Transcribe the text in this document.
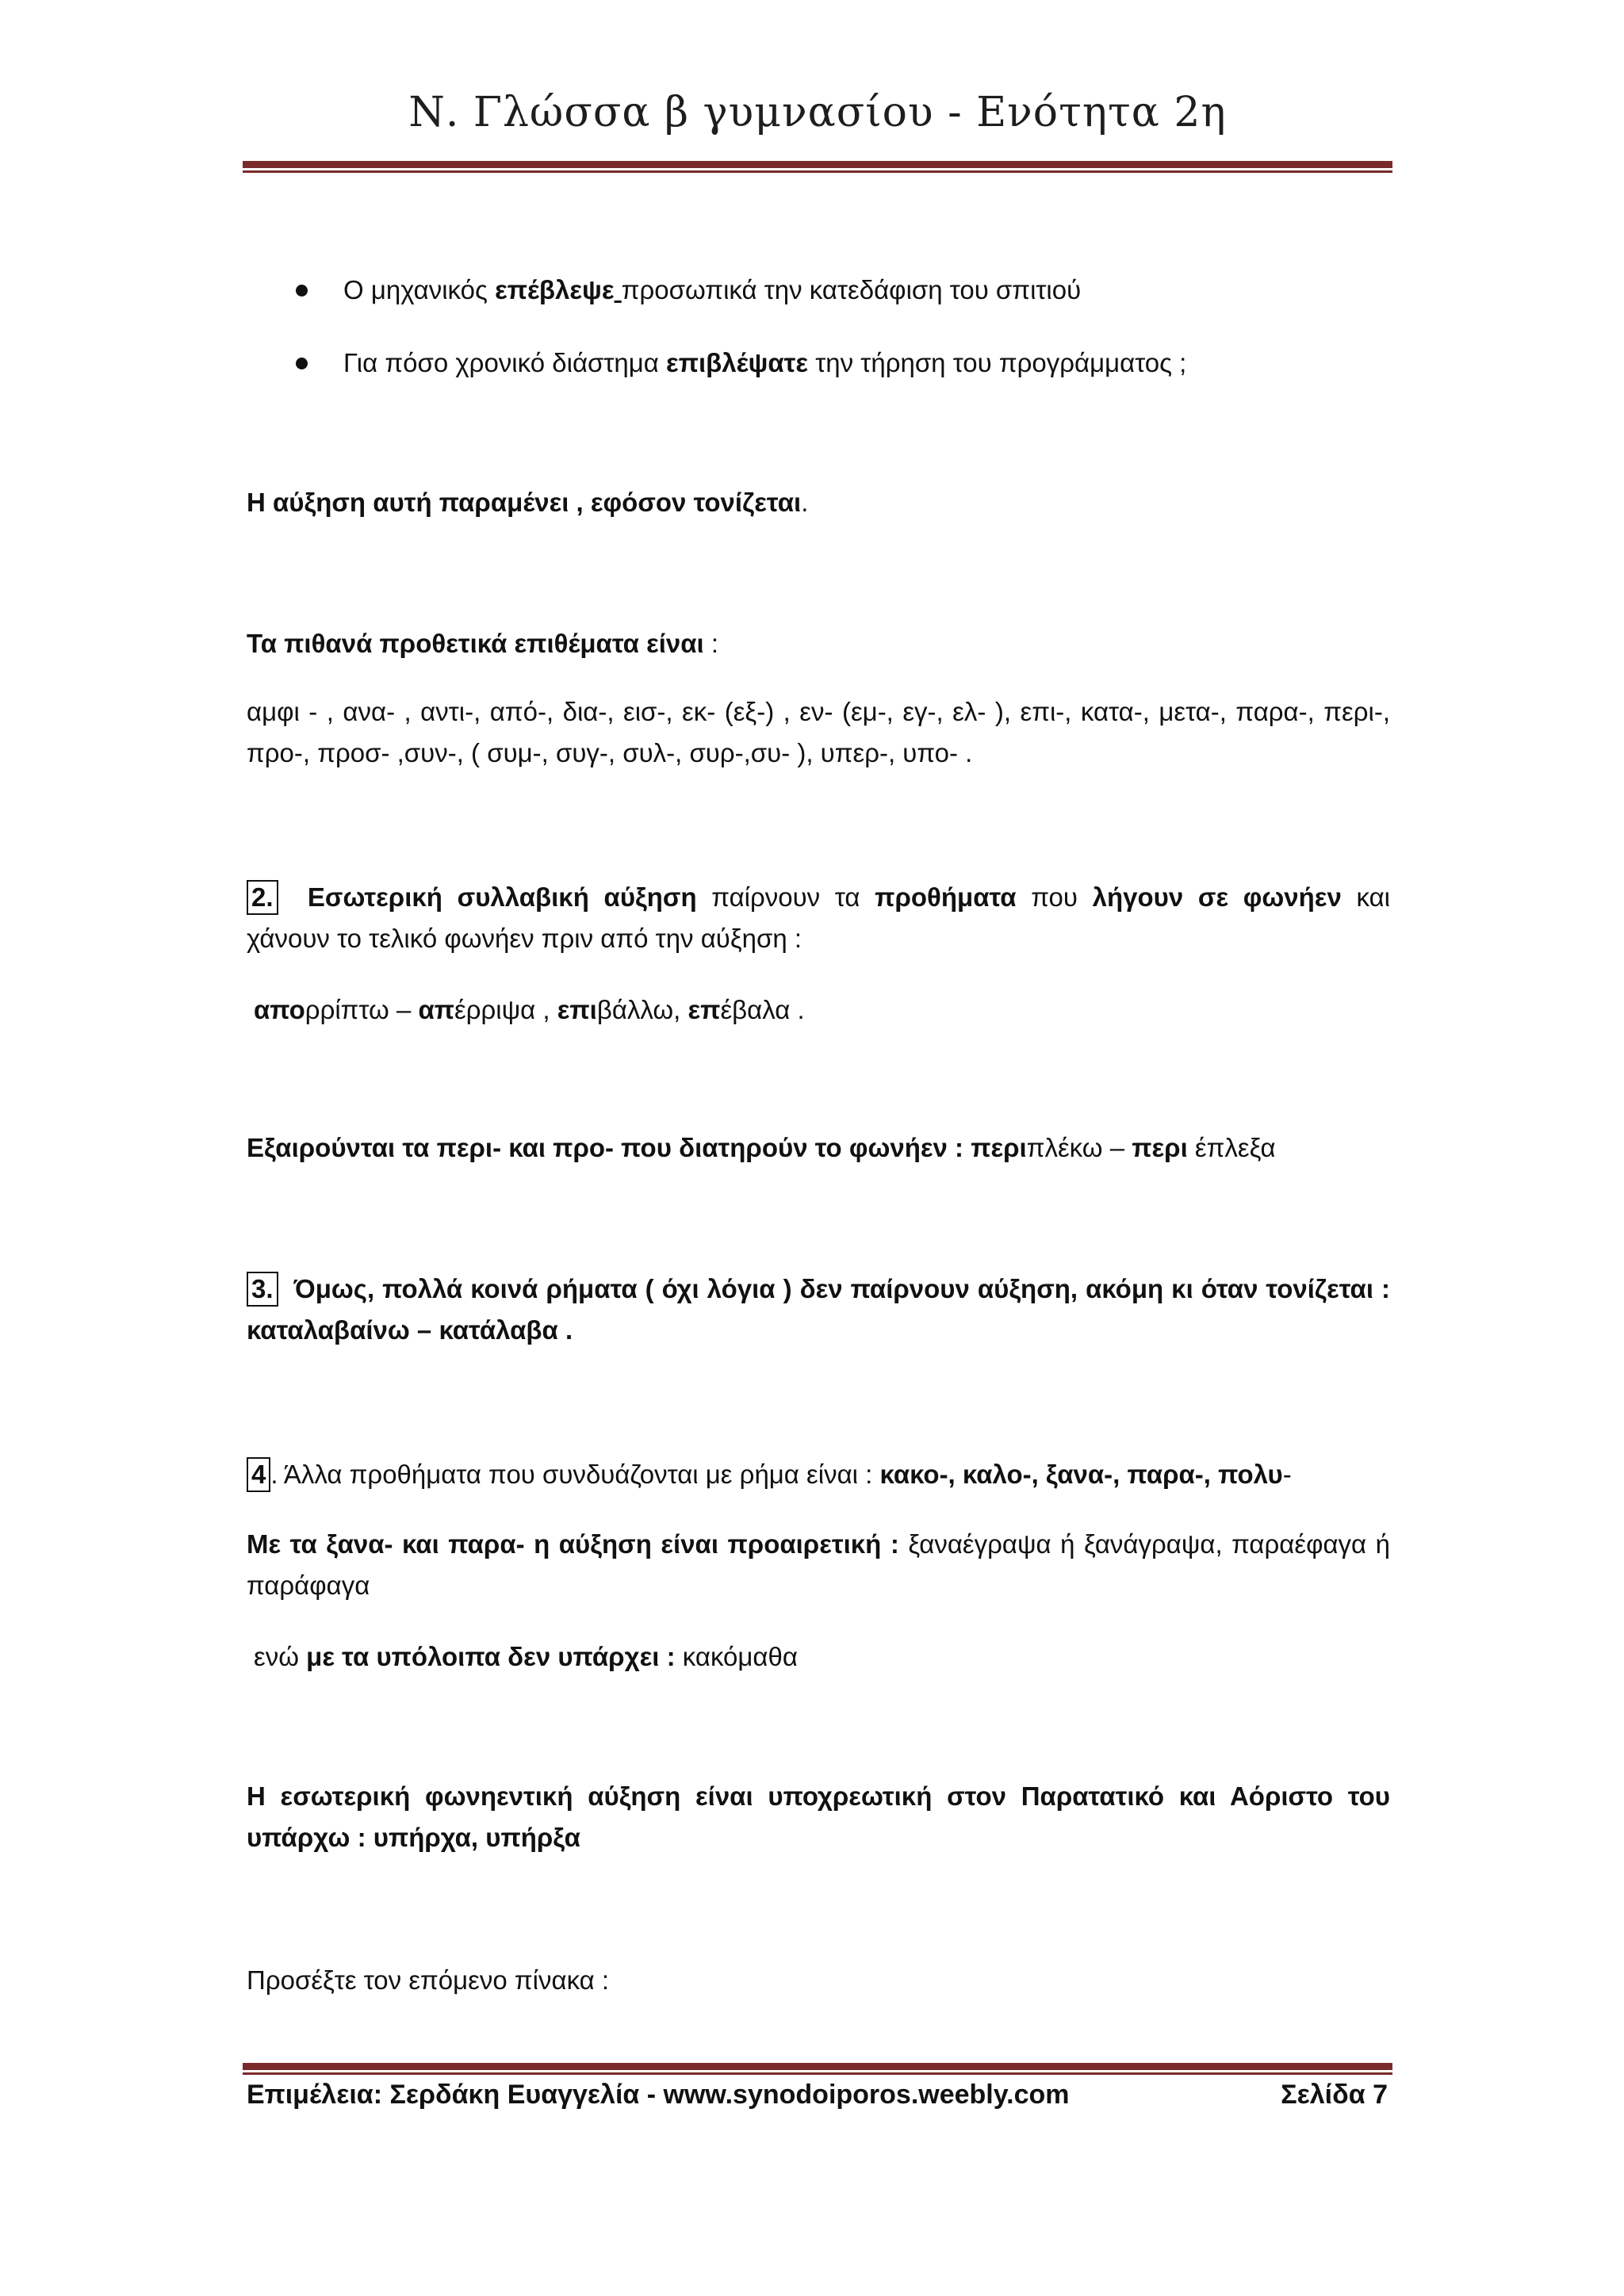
Ν. Γλώσσα β γυμνασίου - Ενότητα 2η
Ο μηχανικός επέβλεψε προσωπικά την κατεδάφιση του σπιτιού
Για πόσο χρονικό διάστημα επιβλέψατε την τήρηση του προγράμματος ;
Η αύξηση αυτή παραμένει , εφόσον τονίζεται.
Τα πιθανά προθετικά επιθέματα είναι :
αμφι - , ανα- , αντι-, από-, δια-, εισ-, εκ- (εξ-) , εν- (εμ-, εγ-, ελ- ), επι-, κατα-, μετα-, παρα-, περι-, προ-, προσ- ,συν-, ( συμ-, συγ-, συλ-, συρ-,συ- ), υπερ-, υπο- .
2. Εσωτερική συλλαβική αύξηση παίρνουν τα προθήματα που λήγουν σε φωνήεν και χάνουν το τελικό φωνήεν πριν από την αύξηση :
απορρίπτω – απέρριψα , επιβάλλω, επέβαλα .
Εξαιρούνται τα περι- και προ- που διατηρούν το φωνήεν : περιπλέκω – περι έπλεξα
3. Όμως, πολλά κοινά ρήματα ( όχι λόγια ) δεν παίρνουν αύξηση, ακόμη κι όταν τονίζεται : καταλαβαίνω – κατάλαβα .
4 . Άλλα προθήματα που συνδυάζονται με ρήμα είναι : κακο-, καλο-, ξανα-, παρα-, πολυ-
Με τα ξανα- και παρα- η αύξηση είναι προαιρετική : ξαναέγραψα ή ξανάγραψα, παραέφαγα ή παράφαγα
ενώ με τα υπόλοιπα δεν υπάρχει : κακόμαθα
Η εσωτερική φωνηεντική αύξηση είναι υποχρεωτική στον Παρατατικό και Αόριστο του υπάρχω : υπήρχα, υπήρξα
Προσέξτε τον επόμενο πίνακα :
Επιμέλεια: Σερδάκη Ευαγγελία - www.synodoiporos.weebly.com	Σελίδα 7
